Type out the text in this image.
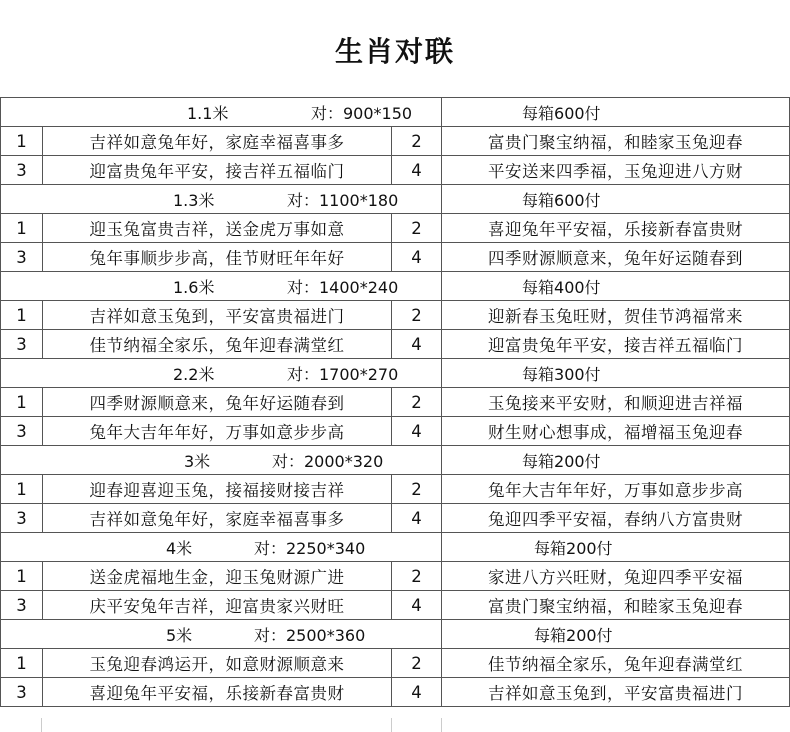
生肖对联
1.1米 对：900*150			每箱600付
1	吉祥如意兔年好，家庭幸福喜事多	2	富贵门聚宝纳福，和睦家玉兔迎春
3	迎富贵兔年平安，接吉祥五福临门	4	平安送来四季福，玉兔迎进八方财
1.3米 对：1100*180			每箱600付
1	迎玉兔富贵吉祥，送金虎万事如意	2	喜迎兔年平安福，乐接新春富贵财
3	兔年事顺步步高，佳节财旺年年好	4	四季财源顺意来，兔年好运随春到
1.6米 对：1400*240			每箱400付
1	吉祥如意玉兔到，平安富贵福进门	2	迎新春玉兔旺财，贺佳节鸿福常来
3	佳节纳福全家乐，兔年迎春满堂红	4	迎富贵兔年平安，接吉祥五福临门
2.2米 对：1700*270			每箱300付
1	四季财源顺意来，兔年好运随春到	2	玉兔接来平安财，和顺迎进吉祥福
3	兔年大吉年年好，万事如意步步高	4	财生财心想事成，福增福玉兔迎春
3米 对：2000*320			每箱200付
1	迎春迎喜迎玉兔，接福接财接吉祥	2	兔年大吉年年好，万事如意步步高
3	吉祥如意兔年好，家庭幸福喜事多	4	兔迎四季平安福，春纳八方富贵财
4米 对：2250*340			每箱200付
1	送金虎福地生金，迎玉兔财源广进	2	家进八方兴旺财，兔迎四季平安福
3	庆平安兔年吉祥，迎富贵家兴财旺	4	富贵门聚宝纳福，和睦家玉兔迎春
5米 对：2500*360			每箱200付
1	玉兔迎春鸿运开，如意财源顺意来	2	佳节纳福全家乐，兔年迎春满堂红
3	喜迎兔年平安福，乐接新春富贵财	4	吉祥如意玉兔到，平安富贵福进门
